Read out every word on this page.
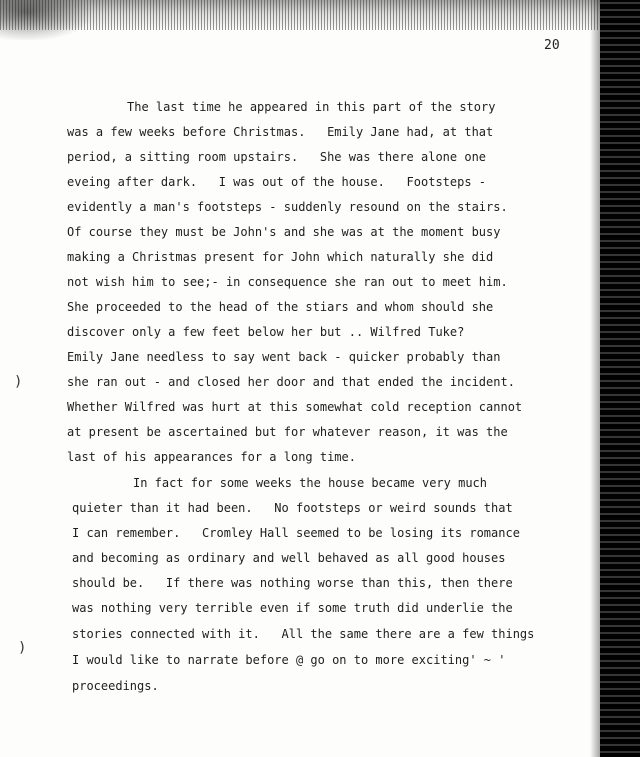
20
)
)
The last time he appeared in this part of the story
was a few weeks before Christmas.   Emily Jane had, at that
period, a sitting room upstairs.   She was there alone one
eveing after dark.   I was out of the house.   Footsteps -
evidently a man's footsteps - suddenly resound on the stairs.
Of course they must be John's and she was at the moment busy
making a Christmas present for John which naturally she did
not wish him to see;- in consequence she ran out to meet him.
She proceeded to the head of the stiars and whom should she
discover only a few feet below her but .. Wilfred Tuke?
Emily Jane needless to say went back - quicker probably than
she ran out - and closed her door and that ended the incident.
Whether Wilfred was hurt at this somewhat cold reception cannot
at present be ascertained but for whatever reason, it was the
last of his appearances for a long time.
In fact for some weeks the house became very much
quieter than it had been.   No footsteps or weird sounds that
I can remember.   Cromley Hall seemed to be losing its romance
and becoming as ordinary and well behaved as all good houses
should be.   If there was nothing worse than this, then there
was nothing very terrible even if some truth did underlie the
stories connected with it.   All the same there are a few things
I would like to narrate before @ go on to more exciting' ~ '
proceedings.
